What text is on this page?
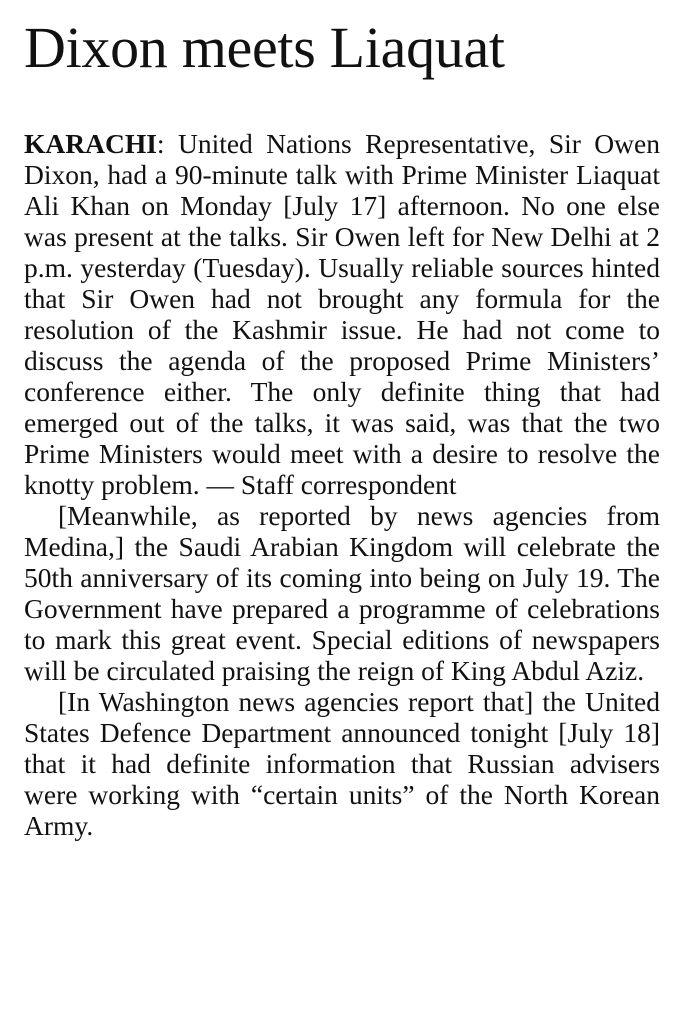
Dixon meets Liaquat

KARACHI: United Nations Representative, Sir Owen Dixon, had a 90-minute talk with Prime Minister Liaquat Ali Khan on Monday [July 17] afternoon. No one else was present at the talks. Sir Owen left for New Delhi at 2 p.m. yesterday (Tuesday). Usually reliable sources hinted that Sir Owen had not brought any formula for the resolution of the Kashmir issue. He had not come to discuss the agenda of the proposed Prime Ministers’ conference either. The only definite thing that had emerged out of the talks, it was said, was that the two Prime Ministers would meet with a desire to resolve the knotty problem. — Staff correspondent

[Meanwhile, as reported by news agencies from Medina,] the Saudi Arabian Kingdom will celebrate the 50th anniversary of its coming into being on July 19. The Government have prepared a programme of celebrations to mark this great event. Special editions of newspapers will be circulated praising the reign of King Abdul Aziz.

[In Washington news agencies report that] the United States Defence Department announced tonight [July 18] that it had definite information that Russian advisers were working with “certain units” of the North Korean Army.
